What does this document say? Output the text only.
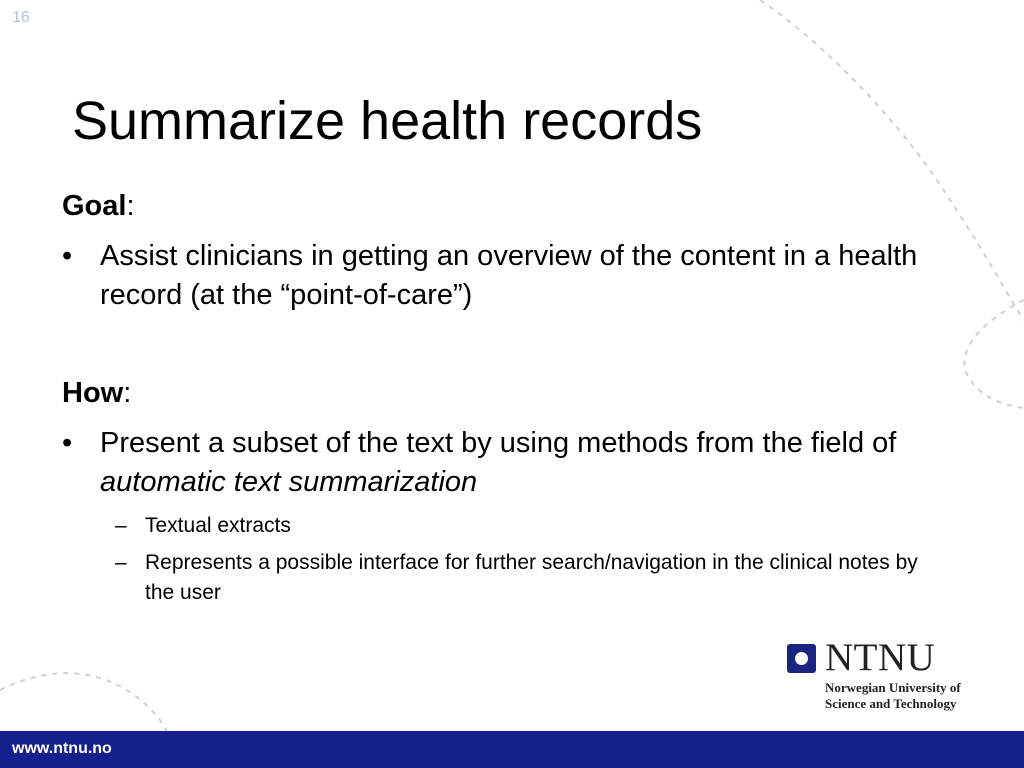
16
Summarize health records
Goal:
• Assist clinicians in getting an overview of the content in a health record (at the “point-of-care”)
How:
• Present a subset of the text by using methods from the field of automatic text summarization
– Textual extracts
– Represents a possible interface for further search/navigation in the clinical notes by the user
NTNU
Norwegian University of
Science and Technology
www.ntnu.no
